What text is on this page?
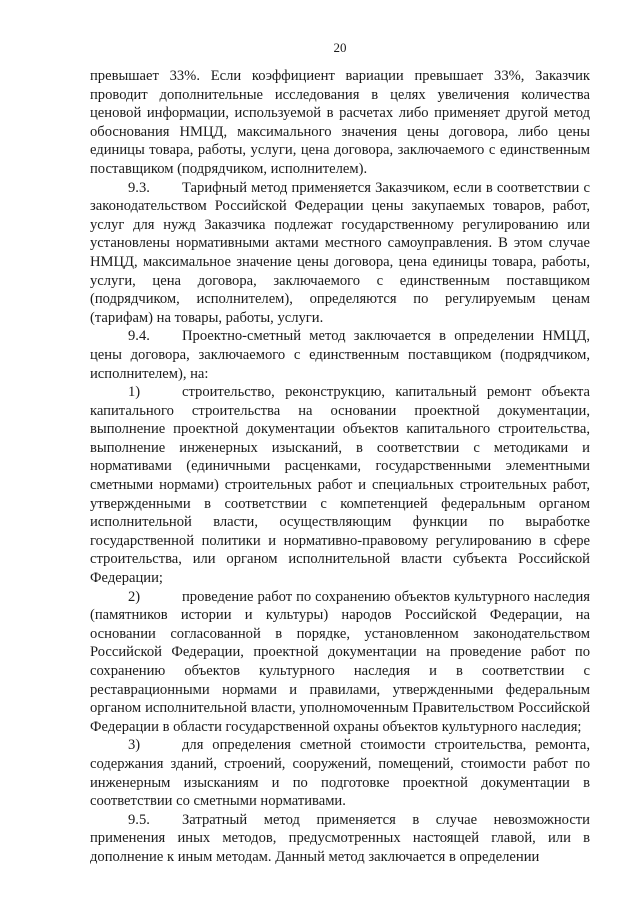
20

превышает 33%. Если коэффициент вариации превышает 33%, Заказчик проводит дополнительные исследования в целях увеличения количества ценовой информации, используемой в расчетах либо применяет другой метод обоснования НМЦД, максимального значения цены договора, либо цены единицы товара, работы, услуги, цена договора, заключаемого с единственным поставщиком (подрядчиком, исполнителем).

9.3. Тарифный метод применяется Заказчиком, если в соответствии с законодательством Российской Федерации цены закупаемых товаров, работ, услуг для нужд Заказчика подлежат государственному регулированию или установлены нормативными актами местного самоуправления. В этом случае НМЦД, максимальное значение цены договора, цена единицы товара, работы, услуги, цена договора, заключаемого с единственным поставщиком (подрядчиком, исполнителем), определяются по регулируемым ценам (тарифам) на товары, работы, услуги.

9.4. Проектно-сметный метод заключается в определении НМЦД, цены договора, заключаемого с единственным поставщиком (подрядчиком, исполнителем), на:

1)	строительство, реконструкцию, капитальный ремонт объекта капитального строительства на основании проектной документации, выполнение проектной документации объектов капитального строительства, выполнение инженерных изысканий, в соответствии с методиками и нормативами (единичными расценками, государственными элементными сметными нормами) строительных работ и специальных строительных работ, утвержденными в соответствии с компетенцией федеральным органом исполнительной власти, осуществляющим функции по выработке государственной политики и нормативно-правовому регулированию в сфере строительства, или органом исполнительной власти субъекта Российской Федерации;

2)	проведение работ по сохранению объектов культурного наследия (памятников истории и культуры) народов Российской Федерации, на основании согласованной в порядке, установленном законодательством Российской Федерации, проектной документации на проведение работ по сохранению объектов культурного наследия и в соответствии с реставрационными нормами и правилами, утвержденными федеральным органом исполнительной власти, уполномоченным Правительством Российской Федерации в области государственной охраны объектов культурного наследия;

3)	для определения сметной стоимости строительства, ремонта, содержания зданий, строений, сооружений, помещений, стоимости работ по инженерным изысканиям и по подготовке проектной документации в соответствии со сметными нормативами.

9.5. Затратный метод применяется в случае невозможности применения иных методов, предусмотренных настоящей главой, или в дополнение к иным методам. Данный метод заключается в определении
